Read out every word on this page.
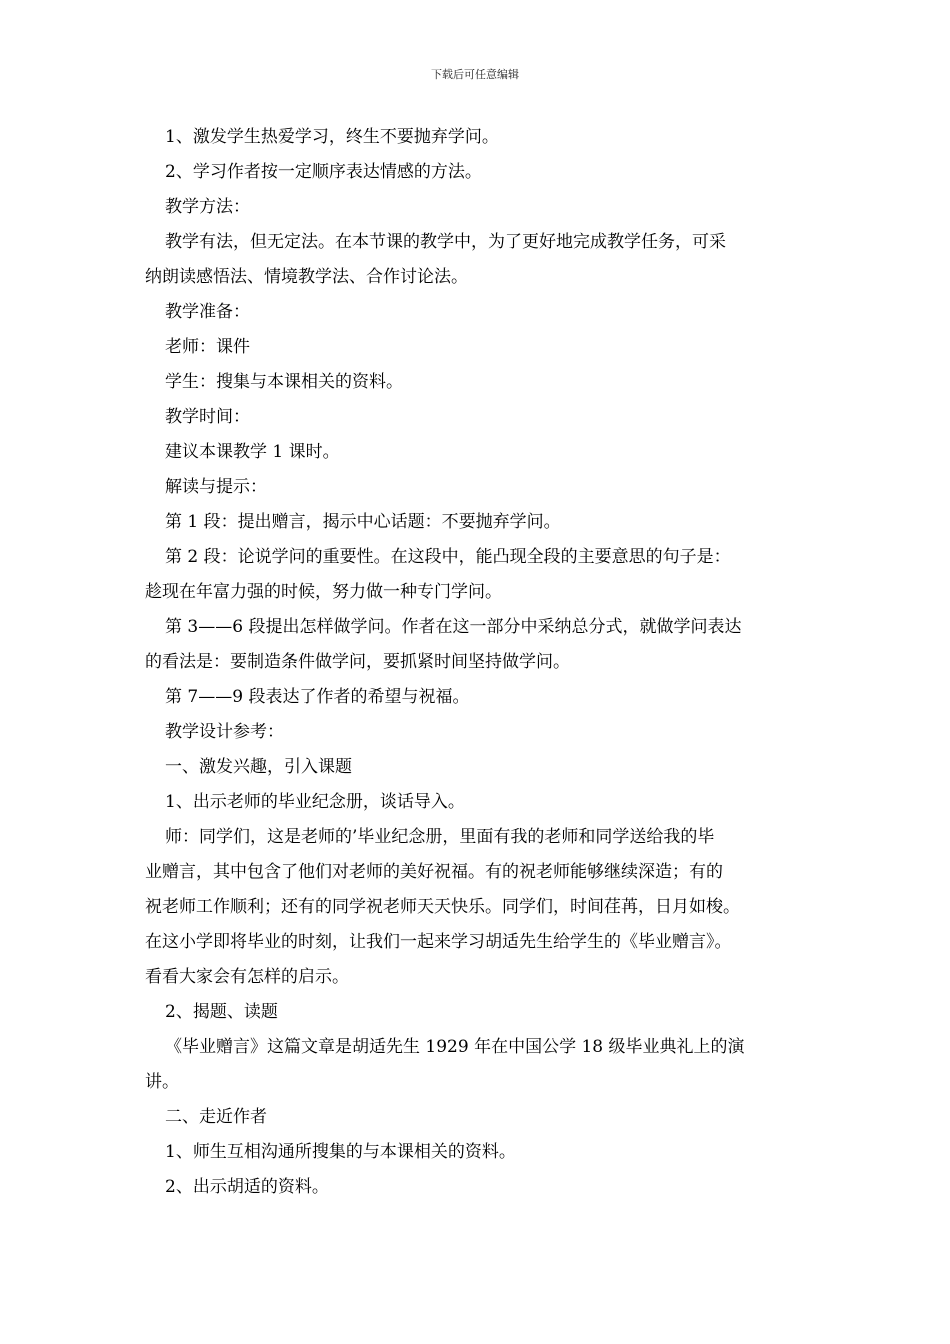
下载后可任意编辑

1、激发学生热爱学习，终生不要抛弃学问。

2、学习作者按一定顺序表达情感的方法。

教学方法：

教学有法，但无定法。在本节课的教学中，为了更好地完成教学任务，可采

纳朗读感悟法、情境教学法、合作讨论法。

教学准备：

老师：课件

学生：搜集与本课相关的资料。

教学时间：

建议本课教学 1 课时。

解读与提示：

第 1 段：提出赠言，揭示中心话题：不要抛弃学问。

第 2 段：论说学问的重要性。在这段中，能凸现全段的主要意思的句子是：

趁现在年富力强的时候，努力做一种专门学问。

第 3——6 段提出怎样做学问。作者在这一部分中采纳总分式，就做学问表达

的看法是：要制造条件做学问，要抓紧时间坚持做学问。

第 7——9 段表达了作者的希望与祝福。

教学设计参考：

一、激发兴趣，引入课题

1、出示老师的毕业纪念册，谈话导入。

师：同学们，这是老师的’毕业纪念册，里面有我的老师和同学送给我的毕

业赠言，其中包含了他们对老师的美好祝福。有的祝老师能够继续深造；有的

祝老师工作顺利；还有的同学祝老师天天快乐。同学们，时间荏苒，日月如梭。

在这小学即将毕业的时刻，让我们一起来学习胡适先生给学生的《毕业赠言》。

看看大家会有怎样的启示。

2、揭题、读题

《毕业赠言》这篇文章是胡适先生 1929 年在中国公学 18 级毕业典礼上的演

讲。

二、走近作者

1、师生互相沟通所搜集的与本课相关的资料。

2、出示胡适的资料。
